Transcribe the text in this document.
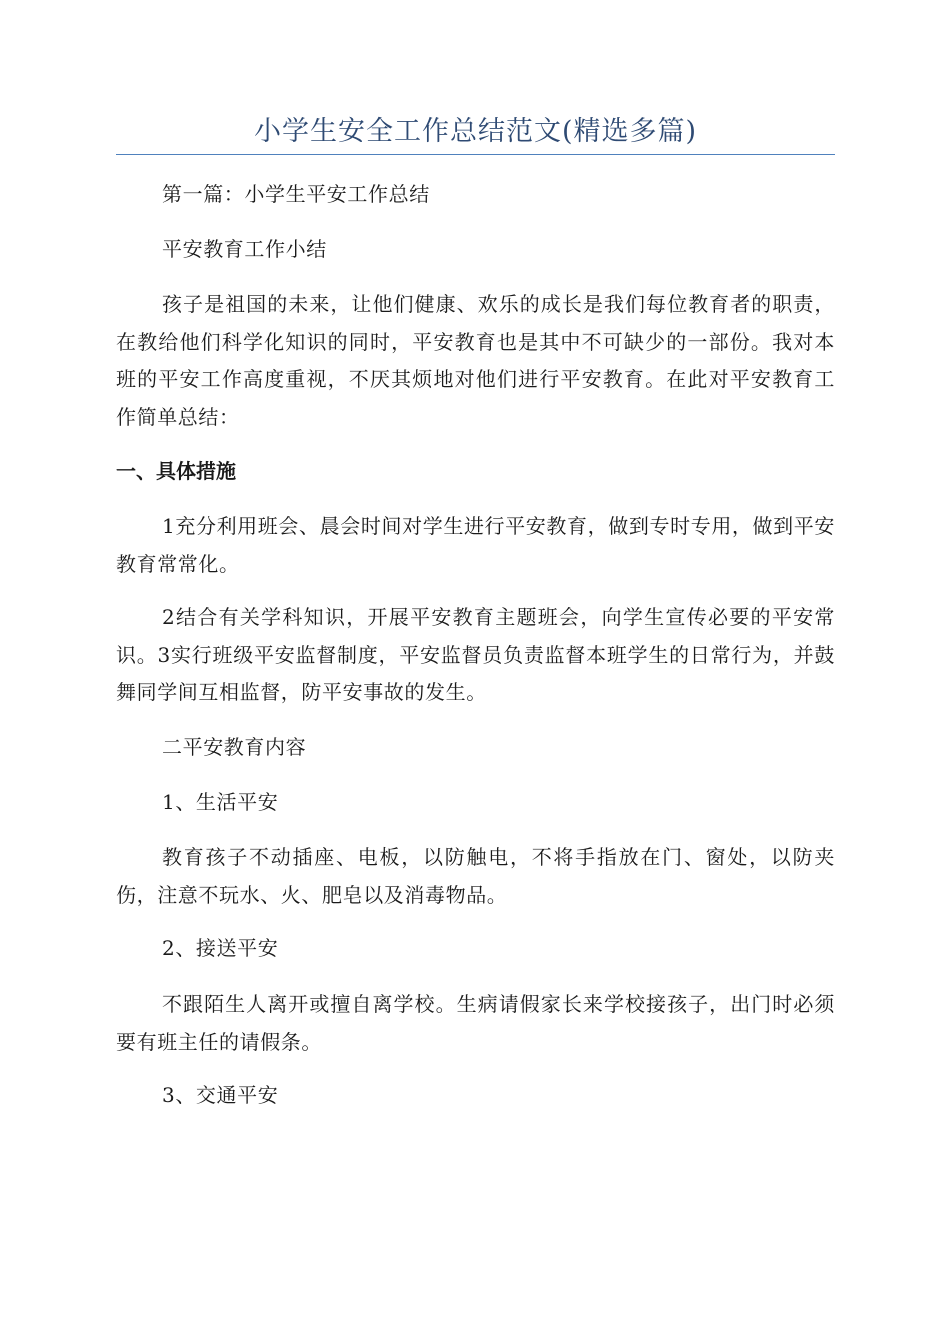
小学生安全工作总结范文(精选多篇)

第一篇：小学生平安工作总结

平安教育工作小结

孩子是祖国的未来，让他们健康、欢乐的成长是我们每位教育者的职责，在教给他们科学化知识的同时，平安教育也是其中不可缺少的一部份。我对本班的平安工作高度重视，不厌其烦地对他们进行平安教育。在此对平安教育工作简单总结：

一、具体措施

1充分利用班会、晨会时间对学生进行平安教育，做到专时专用，做到平安教育常常化。

2结合有关学科知识，开展平安教育主题班会，向学生宣传必要的平安常识。3实行班级平安监督制度，平安监督员负责监督本班学生的日常行为，并鼓舞同学间互相监督，防平安事故的发生。

二平安教育内容

1、生活平安

教育孩子不动插座、电板，以防触电，不将手指放在门、窗处，以防夹伤，注意不玩水、火、肥皂以及消毒物品。

2、接送平安

不跟陌生人离开或擅自离学校。生病请假家长来学校接孩子，出门时必须要有班主任的请假条。

3、交通平安
